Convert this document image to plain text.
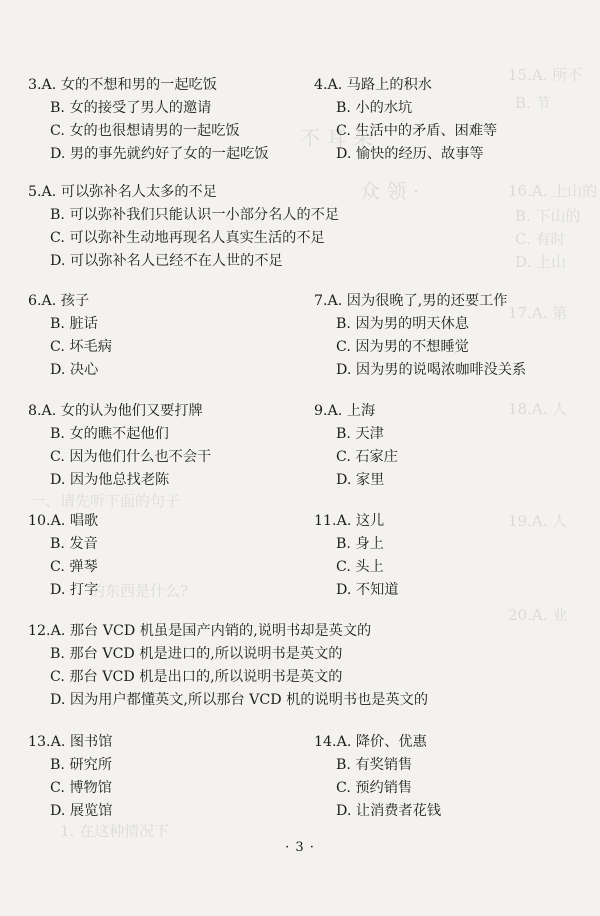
15.A. 所不
B. 节
不 耳 朵
16.A. 上山的
众 领 ·
B. 下山的
C. 有时
D. 上山
17.A. 第
18.A. 人
19.A. 人
20.A. 业
一、请先听下面的句子
的东西是什么?
1. 在这种情况下
3.A. 女的不想和男的一起吃饭
B. 女的接受了男人的邀请
C. 女的也很想请男的一起吃饭
D. 男的事先就约好了女的一起吃饭
4.A. 马路上的积水
B. 小的水坑
C. 生活中的矛盾、困难等
D. 愉快的经历、故事等
5.A. 可以弥补名人太多的不足
B. 可以弥补我们只能认识一小部分名人的不足
C. 可以弥补生动地再现名人真实生活的不足
D. 可以弥补名人已经不在人世的不足
6.A. 孩子
B. 脏话
C. 坏毛病
D. 决心
7.A. 因为很晚了,男的还要工作
B. 因为男的明天休息
C. 因为男的不想睡觉
D. 因为男的说喝浓咖啡没关系
8.A. 女的认为他们又要打牌
B. 女的瞧不起他们
C. 因为他们什么也不会干
D. 因为他总找老陈
9.A. 上海
B. 天津
C. 石家庄
D. 家里
10.A. 唱歌
B. 发音
C. 弹琴
D. 打字
11.A. 这儿
B. 身上
C. 头上
D. 不知道
12.A. 那台 VCD 机虽是国产内销的,说明书却是英文的
B. 那台 VCD 机是进口的,所以说明书是英文的
C. 那台 VCD 机是出口的,所以说明书是英文的
D. 因为用户都懂英文,所以那台 VCD 机的说明书也是英文的
13.A. 图书馆
B. 研究所
C. 博物馆
D. 展览馆
14.A. 降价、优惠
B. 有奖销售
C. 预约销售
D. 让消费者花钱
· 3 ·
